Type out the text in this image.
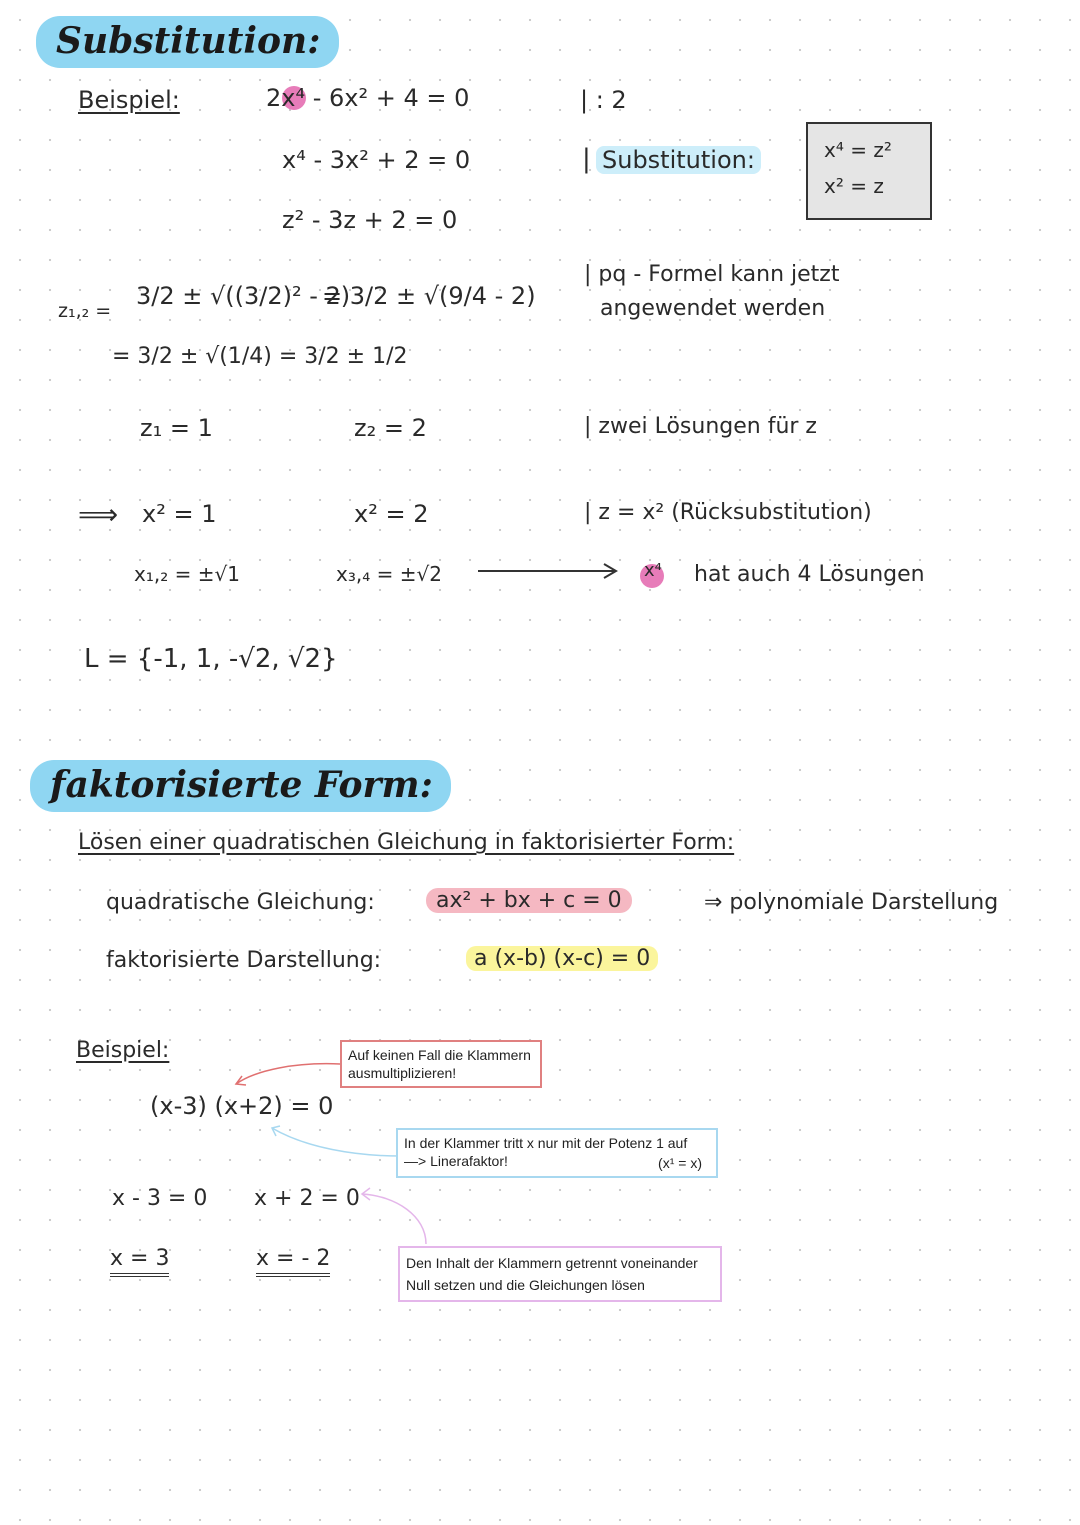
Substitution:
Beispiel:	2x⁴ - 6x² + 4 = 0	| : 2
x⁴ - 3x² + 2 = 0	| Substitution:	x⁴ = z²
x² = z
z² - 3z + 2 = 0
z₁,₂ =
3/2 ± √((3/2)² - 2)
= 3/2 ± √(9/4 - 2)
= 3/2 ± √(1/4) = 3/2 ± 1/2
| pq - Formel kann jetzt
angewendet werden
z₁ = 1	z₂ = 2	| zwei Lösungen für z
⟹ x² = 1	x² = 2	| z = x² (Rücksubstitution)
x₁,₂ = ±√1	x₃,₄ = ±√2	x⁴ hat auch 4 Lösungen
L = {-1, 1, -√2, √2}
faktorisierte Form:
Lösen einer quadratischen Gleichung in faktorisierter Form:
quadratische Gleichung:	ax² + bx + c = 0	⇒ polynomiale Darstellung
faktorisierte Darstellung:	a (x-b) (x-c) = 0
Beispiel:	Auf keinen Fall die Klammern ausmultiplizieren!
(x-3) (x+2) = 0
In der Klammer tritt x nur mit der Potenz 1 auf
—> Linerafaktor!	(x¹ = x)
x - 3 = 0 x + 2 = 0
x = 3	x = - 2	Den Inhalt der Klammern getrennt voneinander Null setzen und die Gleichungen lösen
